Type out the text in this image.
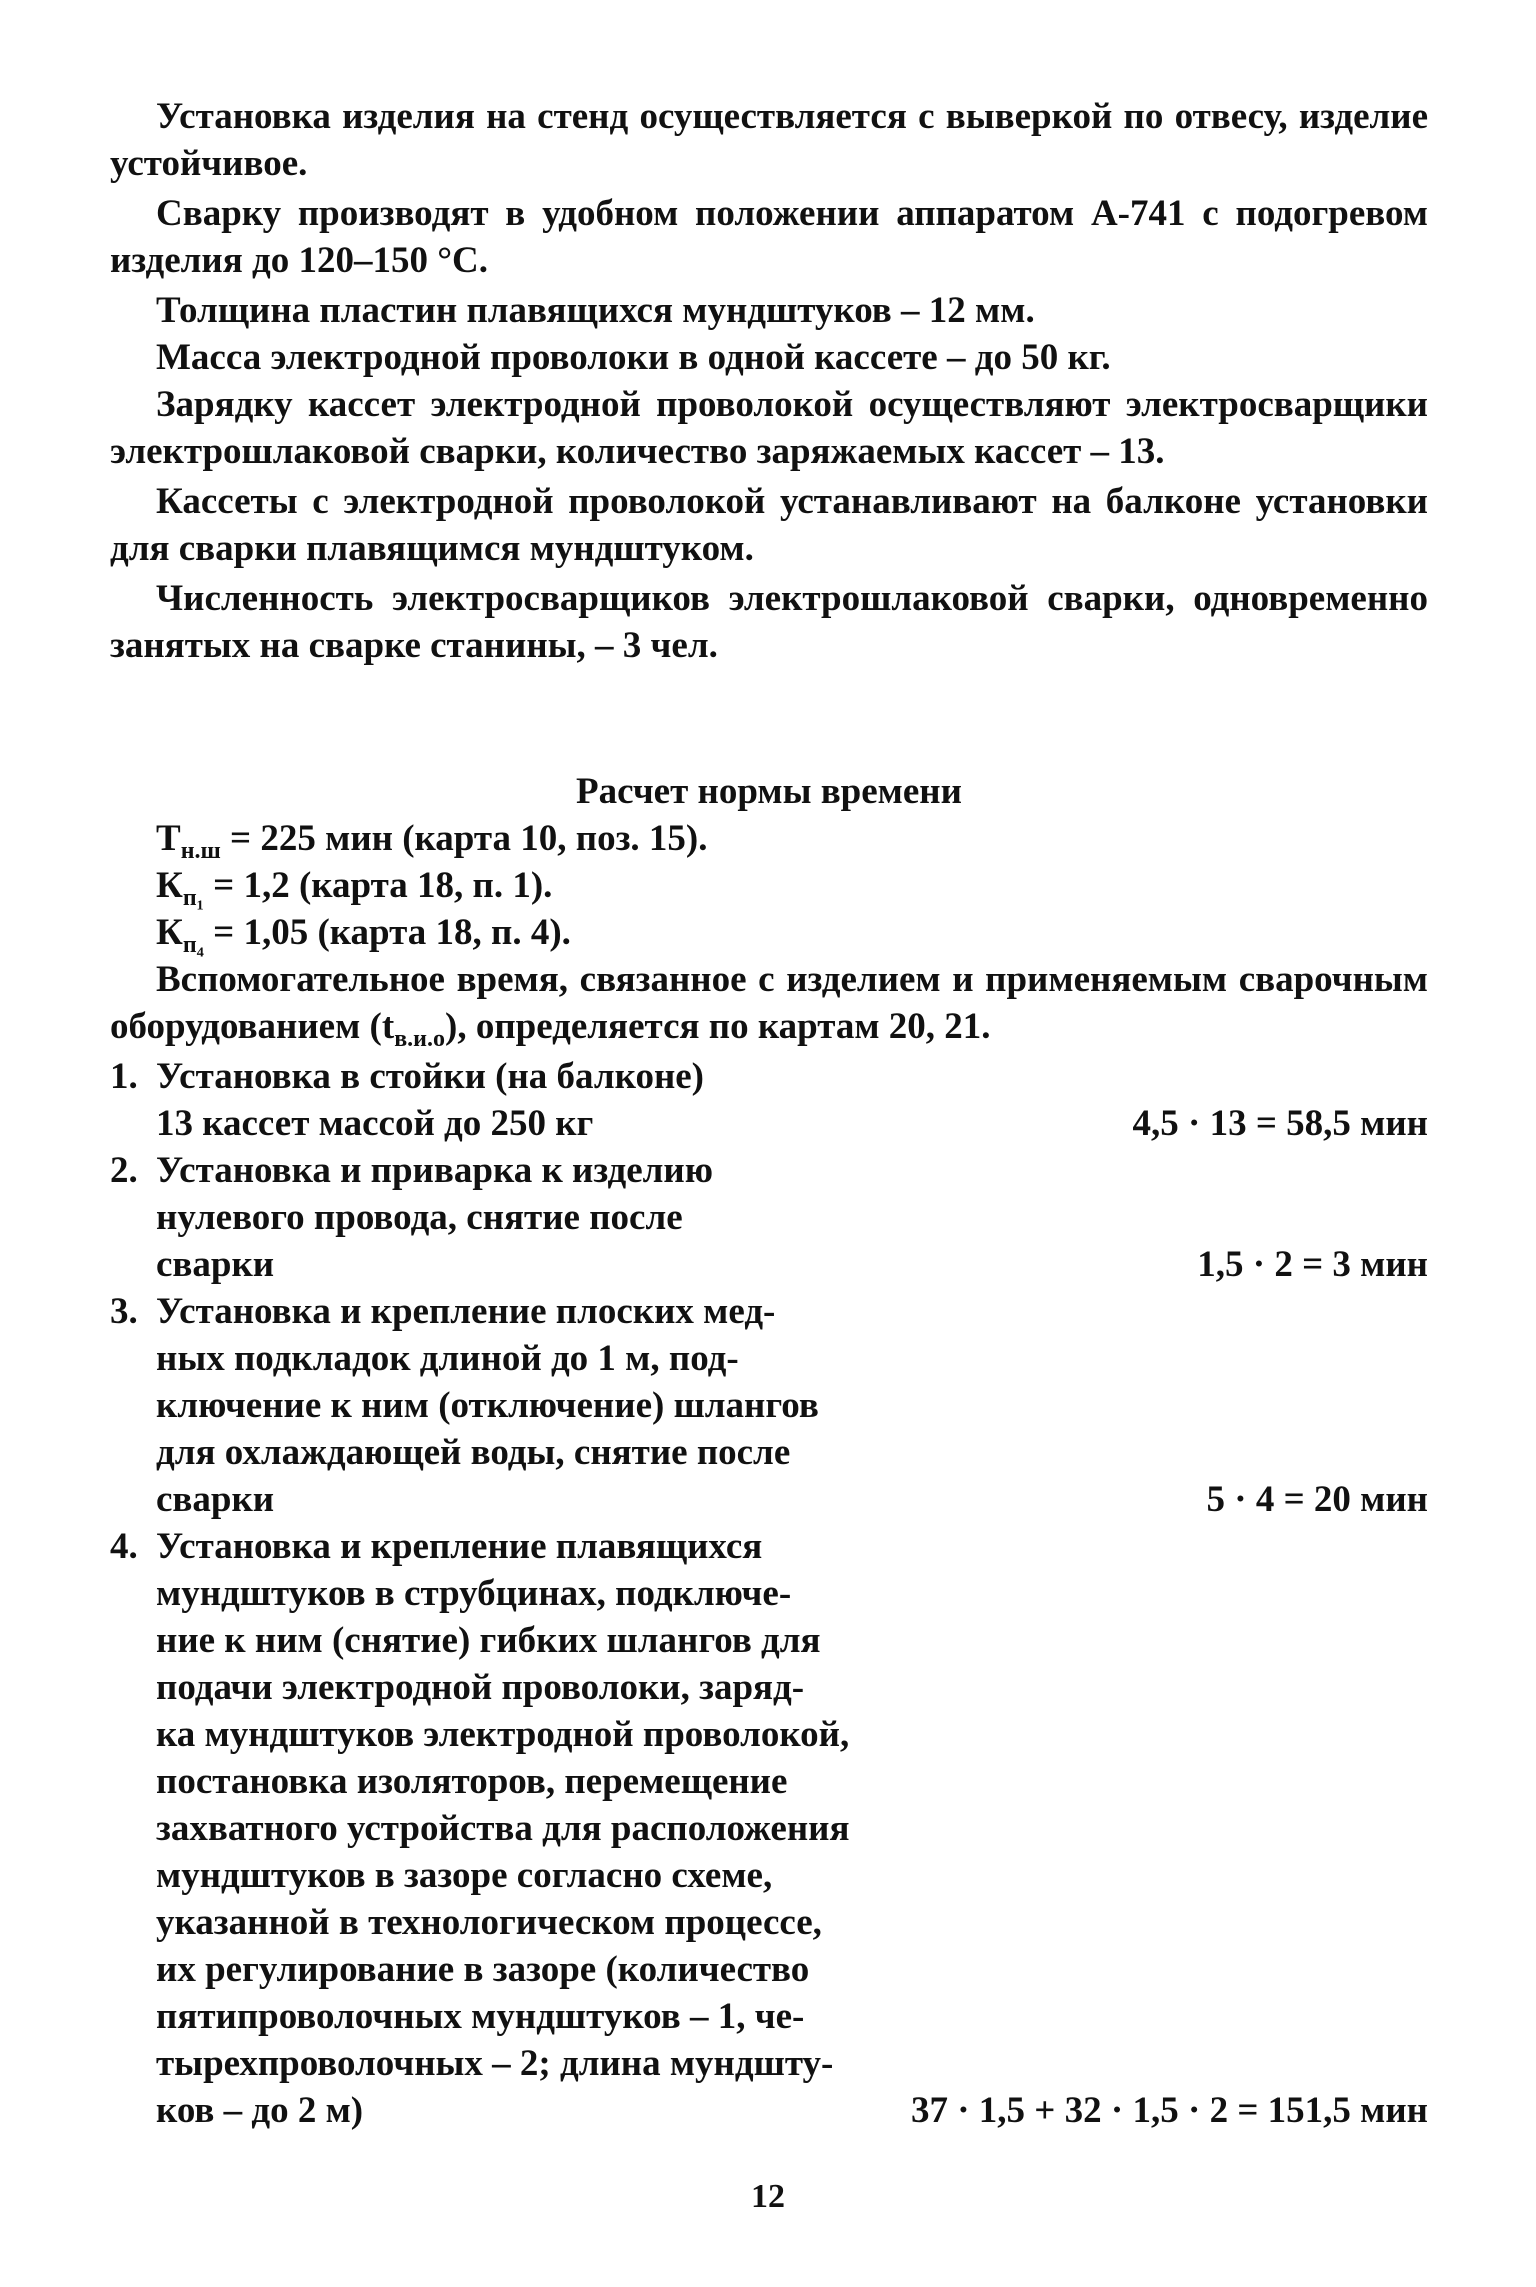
Установка изделия на стенд осуществляется с выверкой по отвесу, изделие устойчивое.

Сварку производят в удобном положении аппаратом А-741 с подогревом изделия до 120–150 °С.

Толщина пластин плавящихся мундштуков – 12 мм.

Масса электродной проволоки в одной кассете – до 50 кг.

Зарядку кассет электродной проволокой осуществляют электросварщики электрошлаковой сварки, количество заряжаемых кассет – 13.

Кассеты с электродной проволокой устанавливают на балконе установки для сварки плавящимся мундштуком.

Численность электросварщиков электрошлаковой сварки, одновременно занятых на сварке станины, – 3 чел.

Расчет нормы времени

$Т_{н.ш} = 225$ мин (карта 10, поз. 15).

$К_{п_1} = 1,2$ (карта 18, п. 1).

$К_{п_4} = 1,05$ (карта 18, п. 4).

Вспомогательное время, связанное с изделием и применяемым сварочным оборудованием $(t_{в.и.о})$, определяется по картам 20, 21.

1. Установка в стойки (на балконе)
13 кассет массой до 250 кг	4,5 · 13 = 58,5 мин
2. Установка и приварка к изделию
нулевого провода, снятие после
сварки	1,5 · 2 = 3 мин
3. Установка и крепление плоских мед-
ных подкладок длиной до 1 м, под-
ключение к ним (отключение) шлангов
для охлаждающей воды, снятие после
сварки	5 · 4 = 20 мин
4. Установка и крепление плавящихся
мундштуков в струбцинах, подключе-
ние к ним (снятие) гибких шлангов для
подачи электродной проволоки, заряд-
ка мундштуков электродной проволокой,
постановка изоляторов, перемещение
захватного устройства для расположения
мундштуков в зазоре согласно схеме,
указанной в технологическом процессе,
их регулирование в зазоре (количество
пятипроволочных мундштуков – 1, че-
тырехпроволочных – 2; длина мундшту-
ков – до 2 м)	37 · 1,5 + 32 · 1,5 · 2 = 151,5 мин
12
